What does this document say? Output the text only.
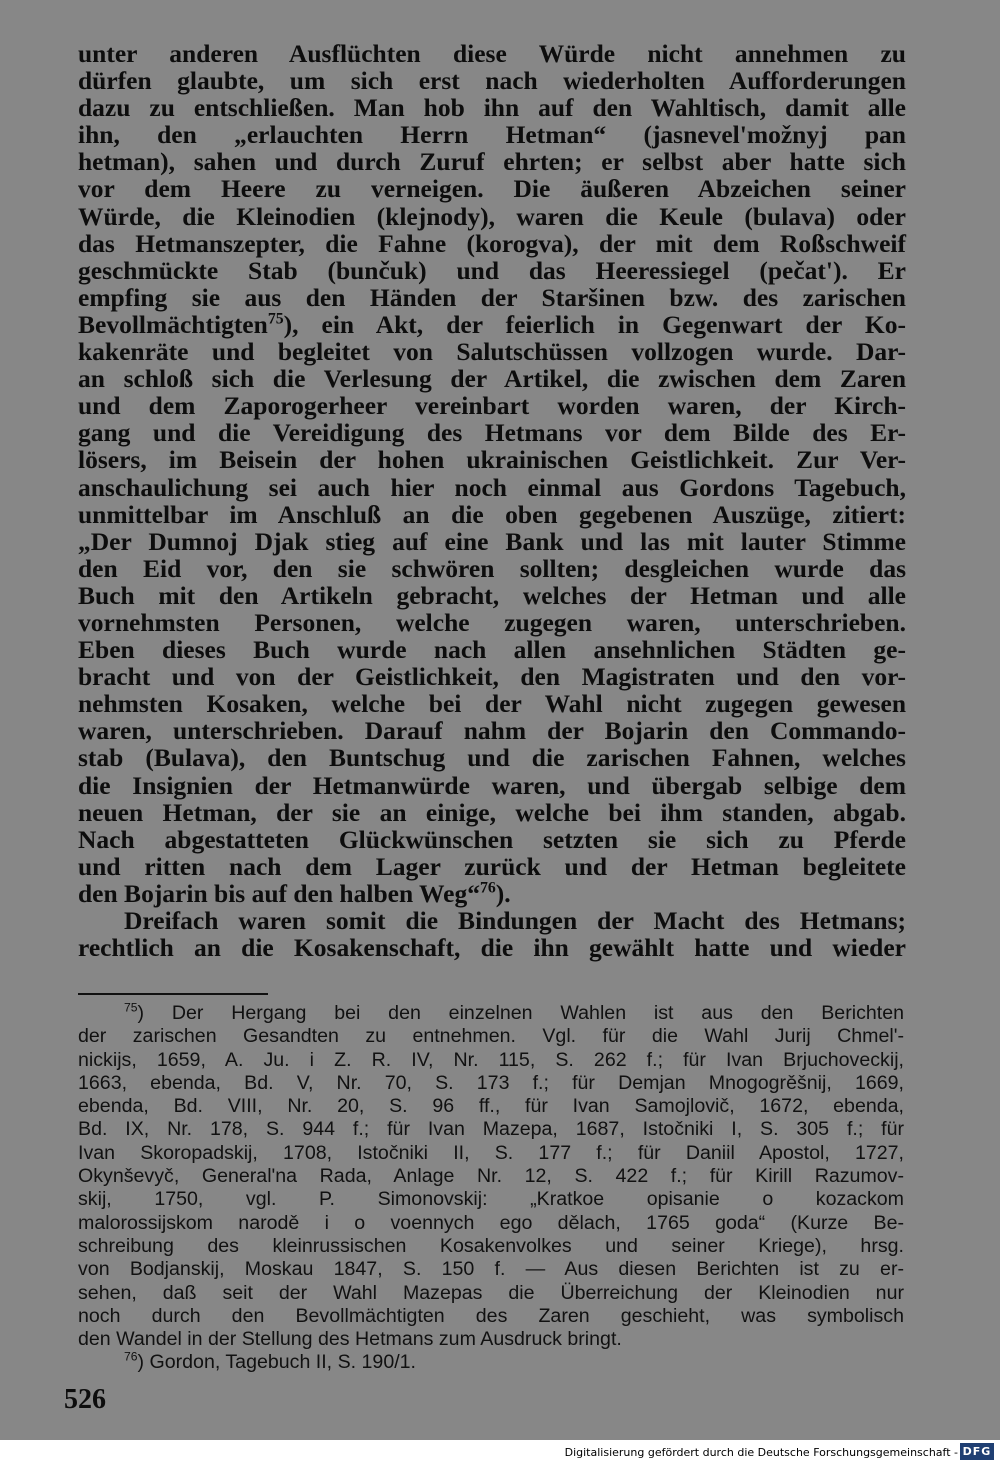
unter anderen Ausflüchten diese Würde nicht annehmen zu
dürfen glaubte, um sich erst nach wiederholten Aufforderungen
dazu zu entschließen. Man hob ihn auf den Wahltisch, damit alle
ihn, den „erlauchten Herrn Hetman“ (jasnevel'možnyj pan
hetman), sahen und durch Zuruf ehrten; er selbst aber hatte sich
vor dem Heere zu verneigen. Die äußeren Abzeichen seiner
Würde, die Kleinodien (klejnody), waren die Keule (bulava) oder
das Hetmanszepter, die Fahne (korogva), der mit dem Roßschweif
geschmückte Stab (bunčuk) und das Heeressiegel (pečat'). Er
empfing sie aus den Händen der Staršinen bzw. des zarischen
Bevollmächtigten$^{75}$), ein Akt, der feierlich in Gegenwart der Ko-
kakenräte und begleitet von Salutschüssen vollzogen wurde. Dar-
an schloß sich die Verlesung der Artikel, die zwischen dem Zaren
und dem Zaporogerheer vereinbart worden waren, der Kirch-
gang und die Vereidigung des Hetmans vor dem Bilde des Er-
lösers, im Beisein der hohen ukrainischen Geistlichkeit. Zur Ver-
anschaulichung sei auch hier noch einmal aus Gordons Tagebuch,
unmittelbar im Anschluß an die oben gegebenen Auszüge, zitiert:
„Der Dumnoj Djak stieg auf eine Bank und las mit lauter Stimme
den Eid vor, den sie schwören sollten; desgleichen wurde das
Buch mit den Artikeln gebracht, welches der Hetman und alle
vornehmsten Personen, welche zugegen waren, unterschrieben.
Eben dieses Buch wurde nach allen ansehnlichen Städten ge-
bracht und von der Geistlichkeit, den Magistraten und den vor-
nehmsten Kosaken, welche bei der Wahl nicht zugegen gewesen
waren, unterschrieben. Darauf nahm der Bojarin den Commando-
stab (Bulava), den Buntschug und die zarischen Fahnen, welches
die Insignien der Hetmanwürde waren, und übergab selbige dem
neuen Hetman, der sie an einige, welche bei ihm standen, abgab.
Nach abgestatteten Glückwünschen setzten sie sich zu Pferde
und ritten nach dem Lager zurück und der Hetman begleitete
den Bojarin bis auf den halben Weg“$^{76}$).
Dreifach waren somit die Bindungen der Macht des Hetmans;
rechtlich an die Kosakenschaft, die ihn gewählt hatte und wieder
$^{75}$) Der Hergang bei den einzelnen Wahlen ist aus den Berichten
der zarischen Gesandten zu entnehmen. Vgl. für die Wahl Jurij Chmel'-
nickijs, 1659, A. Ju. i Z. R. IV, Nr. 115, S. 262 f.; für Ivan Brjuchoveckij,
1663, ebenda, Bd. V, Nr. 70, S. 173 f.; für Demjan Mnogogrěšnij, 1669,
ebenda, Bd. VIII, Nr. 20, S. 96 ff., für Ivan Samojlovič, 1672, ebenda,
Bd. IX, Nr. 178, S. 944 f.; für Ivan Mazepa, 1687, Istočniki I, S. 305 f.; für
Ivan Skoropadskij, 1708, Istočniki II, S. 177 f.; für Daniil Apostol, 1727,
Okynševyč, General'na Rada, Anlage Nr. 12, S. 422 f.; für Kirill Razumov-
skij, 1750, vgl. P. Simonovskij: „Kratkoe opisanie o kozackom
malorossijskom narodě i o voennych ego dělach, 1765 goda“ (Kurze Be-
schreibung des kleinrussischen Kosakenvolkes und seiner Kriege), hrsg.
von Bodjanskij, Moskau 1847, S. 150 f. — Aus diesen Berichten ist zu er-
sehen, daß seit der Wahl Mazepas die Überreichung der Kleinodien nur
noch durch den Bevollmächtigten des Zaren geschieht, was symbolisch
den Wandel in der Stellung des Hetmans zum Ausdruck bringt.
$^{76}$) Gordon, Tagebuch II, S. 190/1.
526
Digitalisierung gefördert durch die Deutsche Forschungsgemeinschaft - DFG
